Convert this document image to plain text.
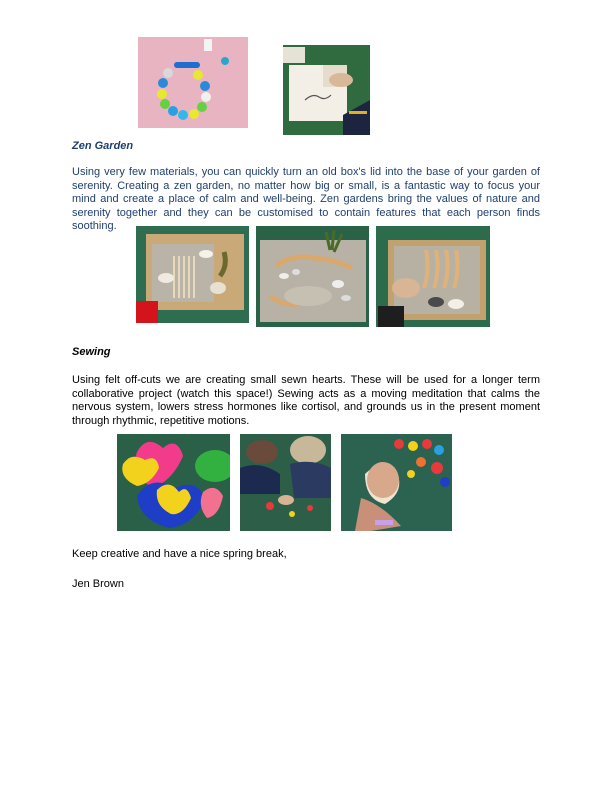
Zen Garden
Using very few materials, you can quickly turn an old box's lid into the base of your garden of serenity. Creating a zen garden, no matter how big or small, is a fantastic way to focus your mind and create a place of calm and well-being. Zen gardens bring the values of nature and serenity together and they can be customised to contain features that each person finds soothing.
Sewing
Using felt off-cuts we are creating small sewn hearts. These will be used for a longer term collaborative project (watch this space!) Sewing acts as a moving meditation that calms the nervous system, lowers stress hormones like cortisol, and grounds us in the present moment through rhythmic, repetitive motions.
Keep creative and have a nice spring break,
Jen Brown
